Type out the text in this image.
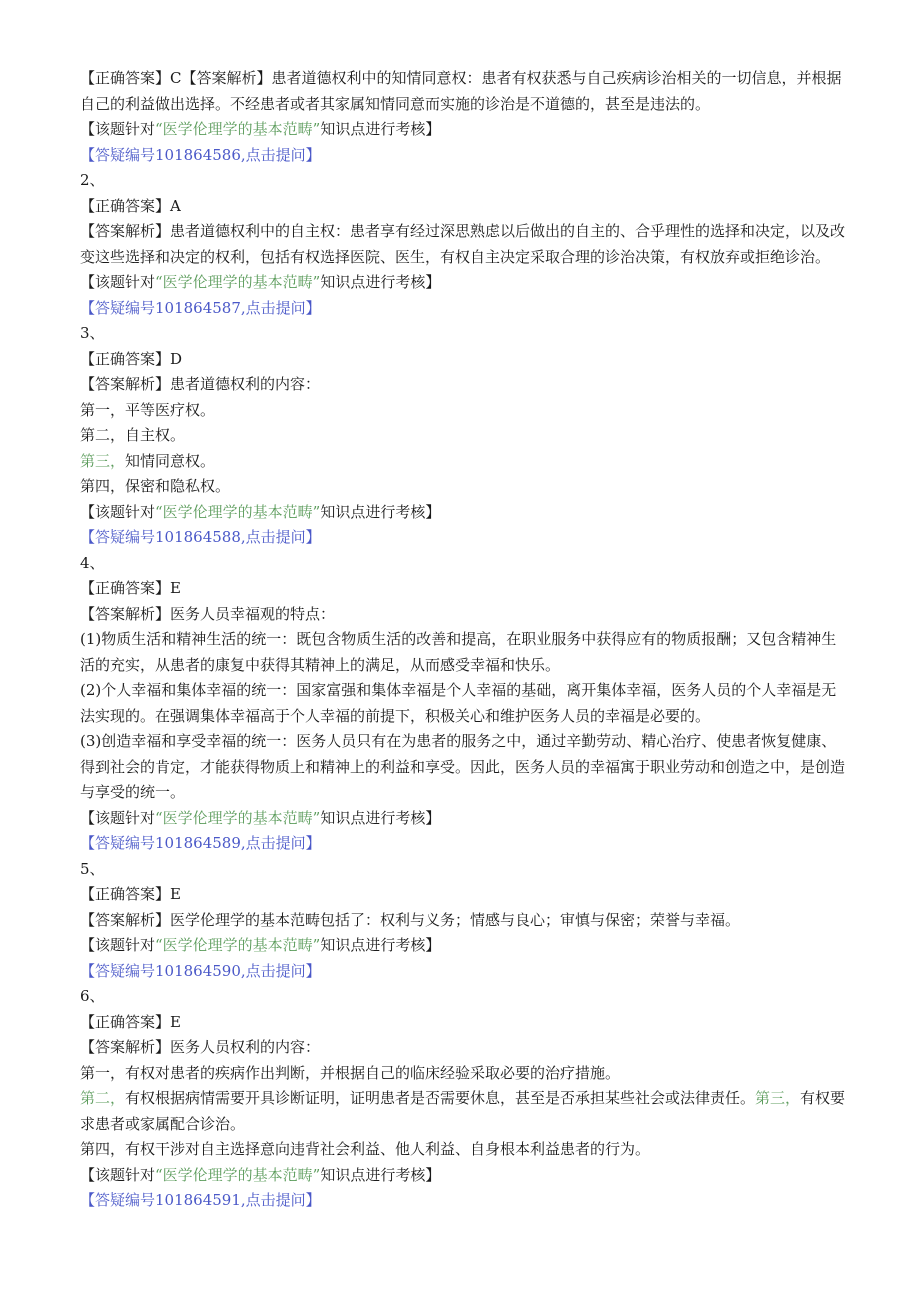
【正确答案】C【答案解析】患者道德权利中的知情同意权：患者有权获悉与自己疾病诊治相关的一切信息，并根据自己的利益做出选择。不经患者或者其家属知情同意而实施的诊治是不道德的，甚至是违法的。
【该题针对“医学伦理学的基本范畴”知识点进行考核】
【答疑编号101864586,点击提问】
2、
【正确答案】A
【答案解析】患者道德权利中的自主权：患者享有经过深思熟虑以后做出的自主的、合乎理性的选择和决定，以及改变这些选择和决定的权利，包括有权选择医院、医生，有权自主决定采取合理的诊治决策，有权放弃或拒绝诊治。
【该题针对“医学伦理学的基本范畴”知识点进行考核】
【答疑编号101864587,点击提问】
3、
【正确答案】D
【答案解析】患者道德权利的内容：
第一，平等医疗权。
第二，自主权。
第三，知情同意权。
第四，保密和隐私权。
【该题针对“医学伦理学的基本范畴”知识点进行考核】
【答疑编号101864588,点击提问】
4、
【正确答案】E
【答案解析】医务人员幸福观的特点：
(1)物质生活和精神生活的统一：既包含物质生活的改善和提高，在职业服务中获得应有的物质报酬；又包含精神生活的充实，从患者的康复中获得其精神上的满足，从而感受幸福和快乐。
(2)个人幸福和集体幸福的统一：国家富强和集体幸福是个人幸福的基础，离开集体幸福，医务人员的个人幸福是无法实现的。在强调集体幸福高于个人幸福的前提下，积极关心和维护医务人员的幸福是必要的。
(3)创造幸福和享受幸福的统一：医务人员只有在为患者的服务之中，通过辛勤劳动、精心治疗、使患者恢复健康、得到社会的肯定，才能获得物质上和精神上的利益和享受。因此，医务人员的幸福寓于职业劳动和创造之中，是创造与享受的统一。
【该题针对“医学伦理学的基本范畴”知识点进行考核】
【答疑编号101864589,点击提问】
5、
【正确答案】E
【答案解析】医学伦理学的基本范畴包括了：权利与义务；情感与良心；审慎与保密；荣誉与幸福。
【该题针对“医学伦理学的基本范畴”知识点进行考核】
【答疑编号101864590,点击提问】
6、
【正确答案】E
【答案解析】医务人员权利的内容：
第一，有权对患者的疾病作出判断，并根据自己的临床经验采取必要的治疗措施。
第二，有权根据病情需要开具诊断证明，证明患者是否需要休息，甚至是否承担某些社会或法律责任。第三，有权要求患者或家属配合诊治。
第四，有权干涉对自主选择意向违背社会利益、他人利益、自身根本利益患者的行为。
【该题针对“医学伦理学的基本范畴”知识点进行考核】
【答疑编号101864591,点击提问】
